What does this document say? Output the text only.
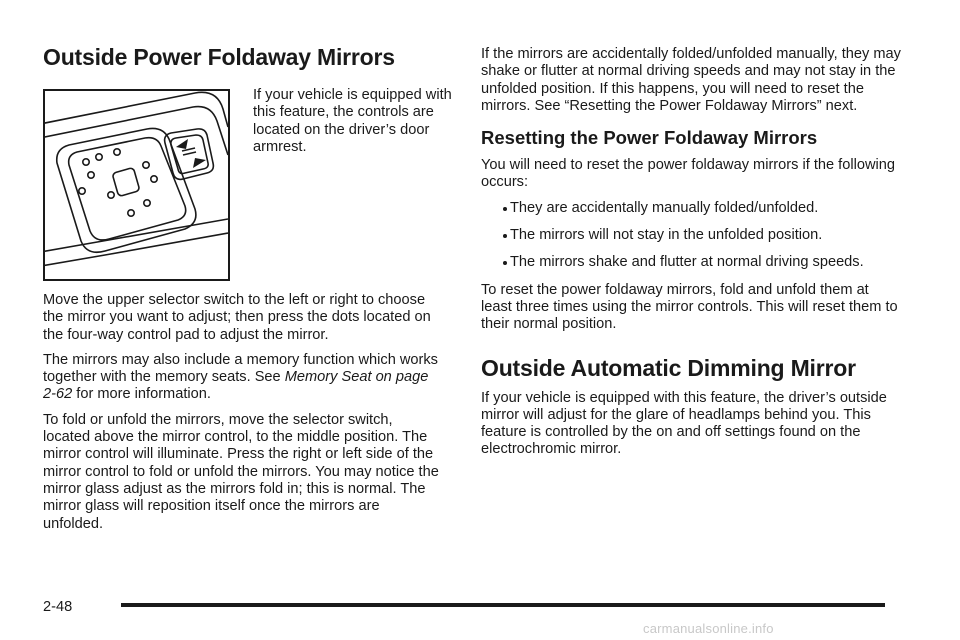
Outside Power Foldaway Mirrors

If your vehicle is equipped with this feature, the controls are located on the driver’s door armrest.

Move the upper selector switch to the left or right to choose the mirror you want to adjust; then press the dots located on the four-way control pad to adjust the mirror.

The mirrors may also include a memory function which works together with the memory seats. See Memory Seat on page 2-62 for more information.

To fold or unfold the mirrors, move the selector switch, located above the mirror control, to the middle position. The mirror control will illuminate. Press the right or left side of the mirror control to fold or unfold the mirrors. You may notice the mirror glass adjust as the mirrors fold in; this is normal. The mirror glass will reposition itself once the mirrors are unfolded.

If the mirrors are accidentally folded/unfolded manually, they may shake or flutter at normal driving speeds and may not stay in the unfolded position. If this happens, you will need to reset the mirrors. See “Resetting the Power Foldaway Mirrors” next.

Resetting the Power Foldaway Mirrors

You will need to reset the power foldaway mirrors if the following occurs:

They are accidentally manually folded/unfolded.
The mirrors will not stay in the unfolded position.
The mirrors shake and flutter at normal driving speeds.

To reset the power foldaway mirrors, fold and unfold them at least three times using the mirror controls. This will reset them to their normal position.

Outside Automatic Dimming Mirror

If your vehicle is equipped with this feature, the driver’s outside mirror will adjust for the glare of headlamps behind you. This feature is controlled by the on and off settings found on the electrochromic mirror.

2-48
carmanualsonline.info
